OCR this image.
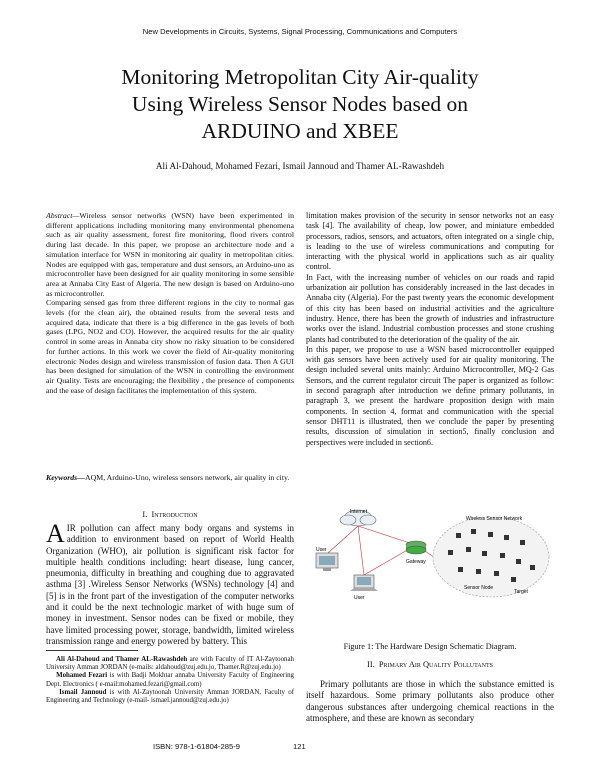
New Developments in Circuits, Systems, Signal Processing, Communications and Computers
Monitoring Metropolitan City Air-quality
Using Wireless Sensor Nodes based on
ARDUINO and XBEE
Ali Al-Dahoud, Mohamed Fezari, Ismail Jannoud and Thamer AL-Rawashdeh

Abstract—Wireless sensor networks (WSN) have been experimented in different applications including monitoring many environmental phenomena such as air quality assessment, forest fire monitoring, flood rivers control during last decade. In this paper, we propose an architecture node and a simulation interface for WSN in monitoring air quality in metropolitan cities. Nodes are equipped with gas, temperature and dust sensors, an Arduino-uno as microcontroller have been designed for air quality monitoring in some sensible area at Annaba City East of Algeria. The new design is based on Arduino-uno as microcontroller.

Comparing sensed gas from three different regions in the city to normal gas levels (for the clean air), the obtained results from the several tests and acquired data, indicate that there is a big difference in the gas levels of both gases (LPG, NO2 and CO). However, the acquired results for the air quality control in some areas in Annaba city show no risky situation to be considered for further actions. In this work we cover the field of Air-quality monitoring electronic Nodes design and wireless transmission of fusion data. Then A GUI has been designed for simulation of the WSN in controlling the environment air Quality. Tests are encouraging; the flexibility , the presence of components and the ease of design facilitates the implementation of this system.

Keywords—AQM, Arduino-Uno, wireless sensors network, air quality in city.

I. Introduction

AIR pollution can affect many body organs and systems in addition to environment based on report of World Health Organization (WHO), air pollution is significant risk factor for multiple health conditions including: heart disease, lung cancer, pneumonia, difficulty in breathing and coughing due to aggravated asthma [3] .Wireless Sensor Networks (WSNs) technology [4] and [5] is in the front part of the investigation of the computer networks and it could be the next technologic market of with huge sum of money in investment. Sensor nodes can be fixed or mobile, they have limited processing power, storage, bandwidth, limited wireless transmission range and energy powered by battery. This

Ali Al-Dahoud and Thamer AL-Rawashdeh are with Faculty of IT Al-Zaytoonah University Amman JORDAN (e-mails: aldahoud@zuj.edu.jo, Thamer.R@zuj.edu.jo)

Mohamed Fezari is with Badji Mokhtar annaba University Faculty of Engineering Dept. Electronics ( e-mail:mohamed.fezari@gmail.com)

Ismail Jannoud is with Al-Zaytoonah University Amman JORDAN, Faculty of Engineering and Technology (e-mail- ismael.jannoud@zuj.edu.jo)

limitation makes provision of the security in sensor networks not an easy task [4]. The availability of cheap, low power, and miniature embedded processors, radios, sensors, and actuators, often integrated on a single chip, is leading to the use of wireless communications and computing for interacting with the physical world in applications such as air quality control.

In Fact, with the increasing number of vehicles on our roads and rapid urbanization air pollution has considerably increased in the last decades in Annaba city (Algeria). For the past twenty years the economic development of this city has been based on industrial activities and the agriculture industry. Hence, there has been the growth of industries and infrastructure works over the island. Industrial combustion processes and stone crushing plants had contributed to the deterioration of the quality of the air.

In this paper, we propose to use a WSN based microcontroller equipped with gas sensors have been actively used for air quality monitoring. The design included several units mainly: Arduino Microcontroller, MQ-2 Gas Sensors, and the current regulator circuit The paper is organized as follow: in second paragraph after introduction we define primary pollutants, in paragraph 3, we present the hardware proposition design with main components. In section 4, format and communication with the special sensor DHT11 is illustrated, then we conclude the paper by presenting results, discussion of simulation in section5, finally conclusion and perspectives were included in section6.

Internet
User
User
Gateway
Wireless Sensor Network
Sensor Node
Target
Figure 1: The Hardware Design Schematic Diagram.
II. Primary Air Quality Pollutants

Primary pollutants are those in which the substance emitted is itself hazardous. Some primary pollutants also produce other dangerous substances after undergoing chemical reactions in the atmosphere, and these are known as secondary

ISBN: 978-1-61804-285-9	121
